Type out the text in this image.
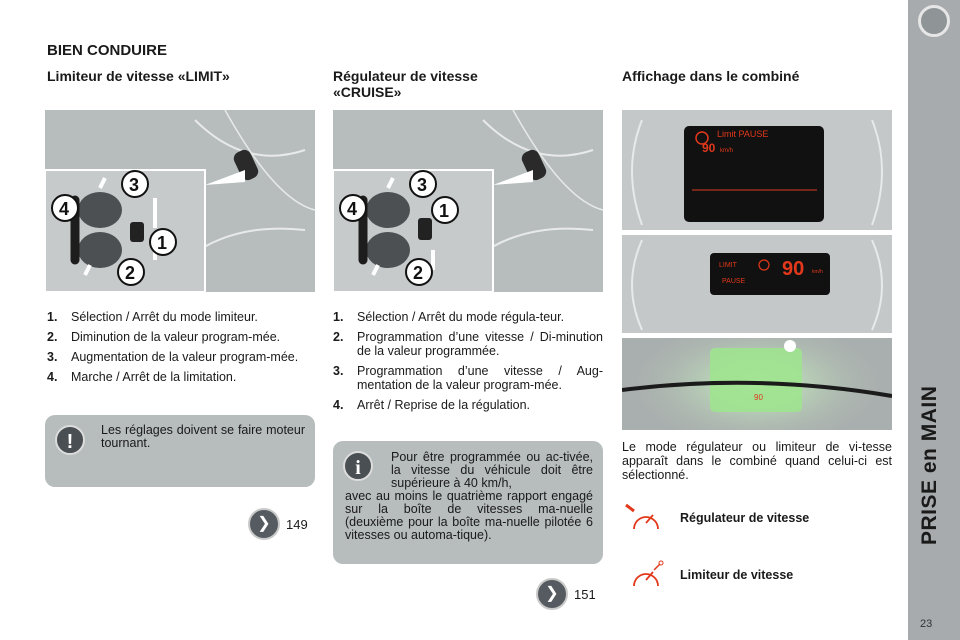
BIEN CONDUIRE
Limiteur de vitesse «LIMIT»	Régulateur de vitesse
«CRUISE»
Affichage dans le combiné
3
4
1
2
3
4	1
2
Limit PAUSE
90 km/h
LIMIT
PAUSE
90 km/h
90
1.	Sélection / Arrêt du mode limiteur.
2.	Diminution de la valeur program-mée.
3.	Augmentation de la valeur program-mée.
4.	Marche / Arrêt de la limitation.
1.	Sélection / Arrêt du mode régula-teur.
2.	Programmation d’une vitesse / Di-minution de la valeur programmée.
3.	Programmation d’une vitesse / Aug-mentation de la valeur program-mée.
4.	Arrêt / Reprise de la régulation.
!
Les réglages doivent se faire moteur tournant.
i	Pour être programmée ou ac-tivée, la vitesse du véhicule doit être supérieure à 40 km/h,
avec au moins le quatrième rapport engagé sur la boîte de vitesses ma-nuelle (deuxième pour la boîte ma-nuelle pilotée 6 vitesses ou automa-tique).
❯	149
❯	151
Le mode régulateur ou limiteur de vi-tesse apparaît dans le combiné quand celui-ci est sélectionné.
Régulateur de vitesse
Limiteur de vitesse
PRISE en MAIN
23
